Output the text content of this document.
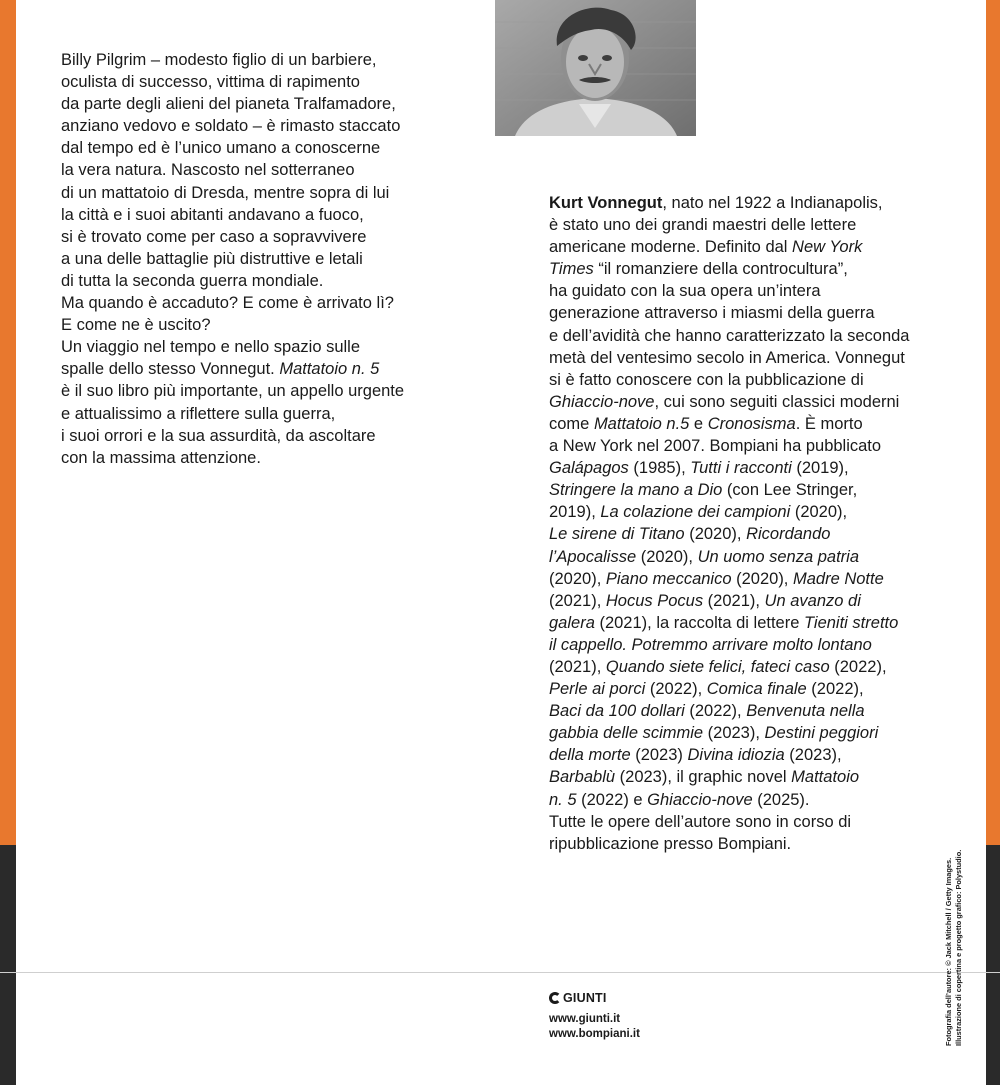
Billy Pilgrim – modesto figlio di un barbiere,
oculista di successo, vittima di rapimento
da parte degli alieni del pianeta Tralfamadore,
anziano vedovo e soldato – è rimasto staccato
dal tempo ed è l’unico umano a conoscerne
la vera natura. Nascosto nel sotterraneo
di un mattatoio di Dresda, mentre sopra di lui
la città e i suoi abitanti andavano a fuoco,
si è trovato come per caso a sopravvivere
a una delle battaglie più distruttive e letali
di tutta la seconda guerra mondiale.
Ma quando è accaduto? E come è arrivato lì?
E come ne è uscito?
Un viaggio nel tempo e nello spazio sulle
spalle dello stesso Vonnegut. Mattatoio n. 5
è il suo libro più importante, un appello urgente
e attualissimo a riflettere sulla guerra,
i suoi orrori e la sua assurdità, da ascoltare
con la massima attenzione.

Kurt Vonnegut, nato nel 1922 a Indianapolis,
è stato uno dei grandi maestri delle lettere
americane moderne. Definito dal New York
Times “il romanziere della controcultura”,
ha guidato con la sua opera un’intera
generazione attraverso i miasmi della guerra
e dell’avidità che hanno caratterizzato la seconda
metà del ventesimo secolo in America. Vonnegut
si è fatto conoscere con la pubblicazione di
Ghiaccio-nove, cui sono seguiti classici moderni
come Mattatoio n.5 e Cronosisma. È morto
a New York nel 2007. Bompiani ha pubblicato
Galápagos (1985), Tutti i racconti (2019),
Stringere la mano a Dio (con Lee Stringer,
2019), La colazione dei campioni (2020),
Le sirene di Titano (2020), Ricordando
l’Apocalisse (2020), Un uomo senza patria
(2020), Piano meccanico (2020), Madre Notte
(2021), Hocus Pocus (2021), Un avanzo di
galera (2021), la raccolta di lettere Tieniti stretto
il cappello. Potremmo arrivare molto lontano
(2021), Quando siete felici, fateci caso (2022),
Perle ai porci (2022), Comica finale (2022),
Baci da 100 dollari (2022), Benvenuta nella
gabbia delle scimmie (2023), Destini peggiori
della morte (2023) Divina idiozia (2023),
Barbablù (2023), il graphic novel Mattatoio
n. 5 (2022) e Ghiaccio-nove (2025).
Tutte le opere dell’autore sono in corso di
ripubblicazione presso Bompiani.

GIUNTI
www.giunti.it
www.bompiani.it	Fotografia dell’autore: © Jack Mitchell / Getty Images. Illustrazione di copertina e progetto grafico: Polystudio.
